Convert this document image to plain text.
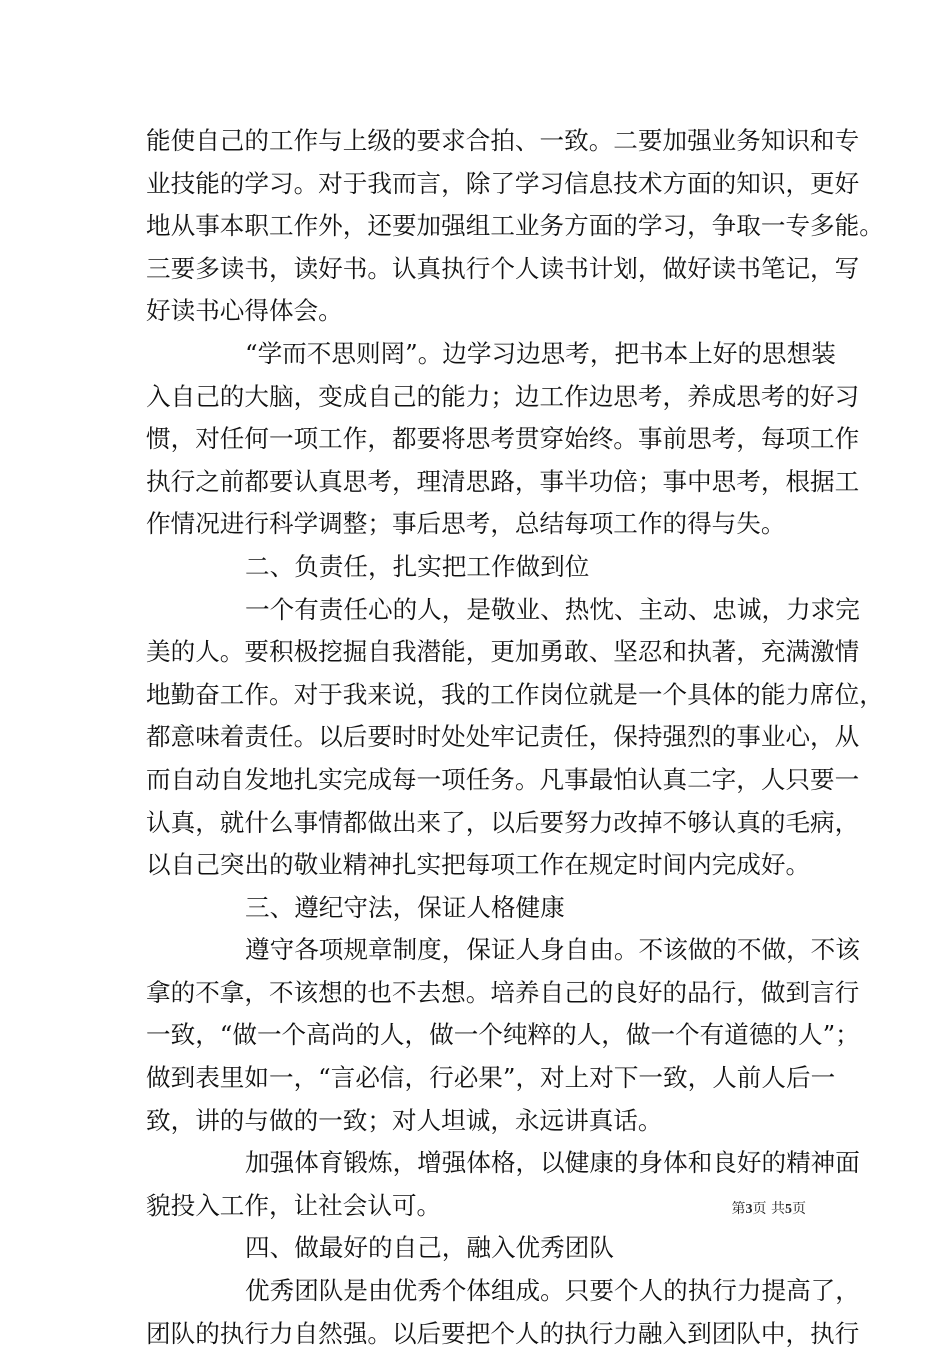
能使自己的工作与上级的要求合拍、一致。二要加强业务知识和专
业技能的学习。对于我而言，除了学习信息技术方面的知识，更好
地从事本职工作外，还要加强组工业务方面的学习，争取一专多能。
三要多读书，读好书。认真执行个人读书计划，做好读书笔记，写
好读书心得体会。
“学而不思则罔”。边学习边思考，把书本上好的思想装
入自己的大脑，变成自己的能力；边工作边思考，养成思考的好习
惯，对任何一项工作，都要将思考贯穿始终。事前思考，每项工作
执行之前都要认真思考，理清思路，事半功倍；事中思考，根据工
作情况进行科学调整；事后思考，总结每项工作的得与失。
二、负责任，扎实把工作做到位
一个有责任心的人，是敬业、热忱、主动、忠诚，力求完
美的人。要积极挖掘自我潜能，更加勇敢、坚忍和执著，充满激情
地勤奋工作。对于我来说，我的工作岗位就是一个具体的能力席位，
都意味着责任。以后要时时处处牢记责任，保持强烈的事业心，从
而自动自发地扎实完成每一项任务。凡事最怕认真二字，人只要一
认真，就什么事情都做出来了，以后要努力改掉不够认真的毛病，
以自己突出的敬业精神扎实把每项工作在规定时间内完成好。
三、遵纪守法，保证人格健康
遵守各项规章制度，保证人身自由。不该做的不做，不该
拿的不拿，不该想的也不去想。培养自己的良好的品行，做到言行
一致，“做一个高尚的人，做一个纯粹的人，做一个有道德的人”；
做到表里如一，“言必信，行必果”，对上对下一致，人前人后一
致，讲的与做的一致；对人坦诚，永远讲真话。
加强体育锻炼，增强体格，以健康的身体和良好的精神面
貌投入工作，让社会认可。
四、做最好的自己，融入优秀团队
优秀团队是由优秀个体组成。只要个人的执行力提高了，
团队的执行力自然强。以后要把个人的执行力融入到团队中，执行
第3页 共5页
